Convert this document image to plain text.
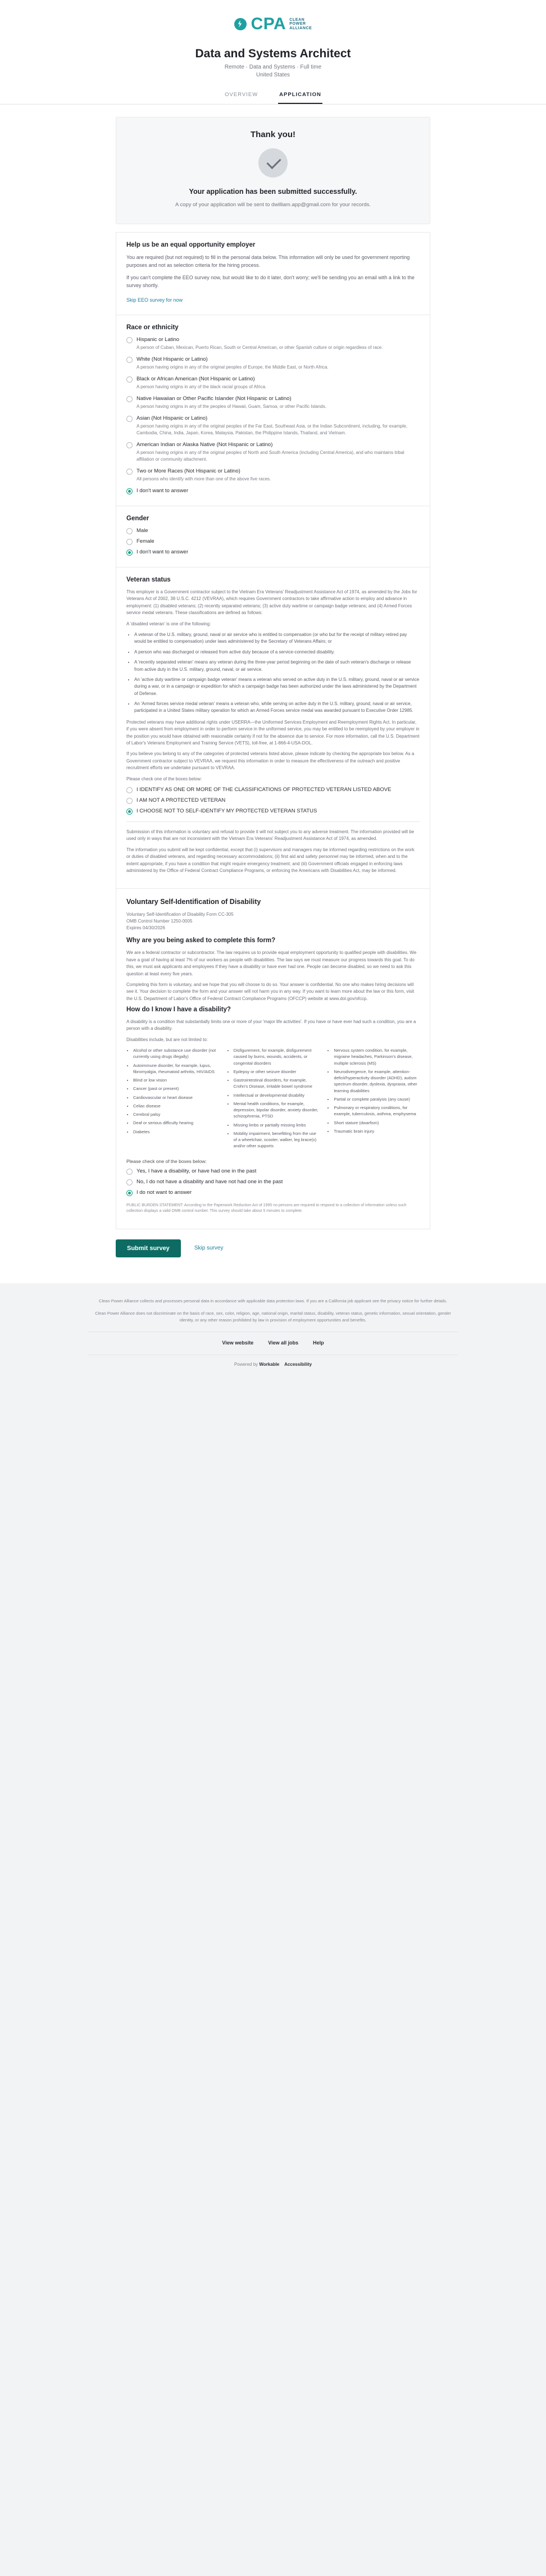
CPA CLEAN
POWER
ALLIANCE
Data and Systems Architect
Remote · Data and Systems · Full time
United States
OVERVIEW	APPLICATION
Thank you!
Your application has been submitted successfully.
A copy of your application will be sent to dwilliam.app@gmail.com for your records.
Help us be an equal opportunity employer

You are required (but not required) to fill in the personal data below. This information will only be used for government reporting purposes and not as selection criteria for the hiring process.

If you can't complete the EEO survey now, but would like to do it later, don't worry; we'll be sending you an email with a link to the survey shortly.

Skip EEO survey for now
Race or ethnicity
Hispanic or Latino
A person of Cuban, Mexican, Puerto Rican, South or Central American, or other Spanish culture or origin regardless of race.
White (Not Hispanic or Latino)
A person having origins in any of the original peoples of Europe, the Middle East, or North Africa.
Black or African American (Not Hispanic or Latino)
A person having origins in any of the black racial groups of Africa.
Native Hawaiian or Other Pacific Islander (Not Hispanic or Latino)
A person having origins in any of the peoples of Hawaii, Guam, Samoa, or other Pacific Islands.
Asian (Not Hispanic or Latino)
A person having origins in any of the original peoples of the Far East, Southeast Asia, or the Indian Subcontinent, including, for example, Cambodia, China, India, Japan, Korea, Malaysia, Pakistan, the Philippine Islands, Thailand, and Vietnam.
American Indian or Alaska Native (Not Hispanic or Latino)
A person having origins in any of the original peoples of North and South America (including Central America), and who maintains tribal affiliation or community attachment.
Two or More Races (Not Hispanic or Latino)
All persons who identify with more than one of the above five races.
I don't want to answer
Gender
Male
Female
I don't want to answer
Veteran status

This employer is a Government contractor subject to the Vietnam Era Veterans' Readjustment Assistance Act of 1974, as amended by the Jobs for Veterans Act of 2002, 38 U.S.C. 4212 (VEVRAA), which requires Government contractors to take affirmative action to employ and advance in employment: (1) disabled veterans; (2) recently separated veterans; (3) active duty wartime or campaign badge veterans; and (4) Armed Forces service medal veterans. These classifications are defined as follows:

A 'disabled veteran' is one of the following:

• A veteran of the U.S. military, ground, naval or air service who is entitled to compensation (or who but for the receipt of military retired pay would be entitled to compensation) under laws administered by the Secretary of Veterans Affairs; or
• A person who was discharged or released from active duty because of a service-connected disability.
• A 'recently separated veteran' means any veteran during the three-year period beginning on the date of such veteran's discharge or release from active duty in the U.S. military, ground, naval, or air service.
• An 'active duty wartime or campaign badge veteran' means a veteran who served on active duty in the U.S. military, ground, naval or air service during a war, or in a campaign or expedition for which a campaign badge has been authorized under the laws administered by the Department of Defense.
• An 'Armed forces service medal veteran' means a veteran who, while serving on active duty in the U.S. military, ground, naval or air service, participated in a United States military operation for which an Armed Forces service medal was awarded pursuant to Executive Order 12985.

Protected veterans may have additional rights under USERRA—the Uniformed Services Employment and Reemployment Rights Act. In particular, if you were absent from employment in order to perform service in the uniformed service, you may be entitled to be reemployed by your employer in the position you would have obtained with reasonable certainty if not for the absence due to service. For more information, call the U.S. Department of Labor's Veterans Employment and Training Service (VETS), toll-free, at 1-866-4-USA-DOL.

If you believe you belong to any of the categories of protected veterans listed above, please indicate by checking the appropriate box below. As a Government contractor subject to VEVRAA, we request this information in order to measure the effectiveness of the outreach and positive recruitment efforts we undertake pursuant to VEVRAA.

Please check one of the boxes below:

I IDENTIFY AS ONE OR MORE OF THE CLASSIFICATIONS OF PROTECTED VETERAN LISTED ABOVE
I AM NOT A PROTECTED VETERAN
I CHOOSE NOT TO SELF-IDENTIFY MY PROTECTED VETERAN STATUS

Submission of this information is voluntary and refusal to provide it will not subject you to any adverse treatment. The information provided will be used only in ways that are not inconsistent with the Vietnam Era Veterans' Readjustment Assistance Act of 1974, as amended.

The information you submit will be kept confidential, except that (i) supervisors and managers may be informed regarding restrictions on the work or duties of disabled veterans, and regarding necessary accommodations; (ii) first aid and safety personnel may be informed, when and to the extent appropriate, if you have a condition that might require emergency treatment; and (iii) Government officials engaged in enforcing laws administered by the Office of Federal Contract Compliance Programs, or enforcing the Americans with Disabilities Act, may be informed.

Voluntary Self-Identification of Disability
Voluntary Self-Identification of Disability Form CC-305
OMB Control Number 1250-0005
Expires 04/30/2026
Why are you being asked to complete this form?

We are a federal contractor or subcontractor. The law requires us to provide equal employment opportunity to qualified people with disabilities. We have a goal of having at least 7% of our workers as people with disabilities. The law says we must measure our progress towards this goal. To do this, we must ask applicants and employees if they have a disability or have ever had one. People can become disabled, so we need to ask this question at least every five years.

Completing this form is voluntary, and we hope that you will choose to do so. Your answer is confidential. No one who makes hiring decisions will see it. Your decision to complete the form and your answer will not harm you in any way. If you want to learn more about the law or this form, visit the U.S. Department of Labor's Office of Federal Contract Compliance Programs (OFCCP) website at www.dol.gov/ofccp.

How do I know I have a disability?

A disability is a condition that substantially limits one or more of your 'major life activities'. If you have or have ever had such a condition, you are a person with a disability.

Disabilities include, but are not limited to:

• Alcohol or other substance use disorder (not currently using drugs illegally)
• Autoimmune disorder, for example, lupus, fibromyalgia, rheumatoid arthritis, HIV/AIDS
• Blind or low vision
• Cancer (past or present)
• Cardiovascular or heart disease
• Celiac disease
• Cerebral palsy
• Deaf or serious difficulty hearing
• Diabetes
• Disfigurement, for example, disfigurement caused by burns, wounds, accidents, or congenital disorders
• Epilepsy or other seizure disorder
• Gastrointestinal disorders, for example, Crohn's Disease, irritable bowel syndrome
• Intellectual or developmental disability
• Mental health conditions, for example, depression, bipolar disorder, anxiety disorder, schizophrenia, PTSD
• Missing limbs or partially missing limbs
• Mobility impairment, benefitting from the use of a wheelchair, scooter, walker, leg brace(s) and/or other supports
• Nervous system condition, for example, migraine headaches, Parkinson's disease, multiple sclerosis (MS)
• Neurodivergence, for example, attention-deficit/hyperactivity disorder (ADHD), autism spectrum disorder, dyslexia, dyspraxia, other learning disabilities
• Partial or complete paralysis (any cause)
• Pulmonary or respiratory conditions, for example, tuberculosis, asthma, emphysema
• Short stature (dwarfism)
• Traumatic brain injury

Please check one of the boxes below:

Yes, I have a disability, or have had one in the past
No, I do not have a disability and have not had one in the past
I do not want to answer

PUBLIC BURDEN STATEMENT: According to the Paperwork Reduction Act of 1995 no persons are required to respond to a collection of information unless such collection displays a valid OMB control number. This survey should take about 5 minutes to complete.

Submit survey	Skip survey

Clean Power Alliance collects and processes personal data in accordance with applicable data protection laws. If you are a California job applicant see the privacy notice for further details.

Clean Power Alliance does not discriminate on the basis of race, sex, color, religion, age, national origin, marital status, disability, veteran status, genetic information, sexual orientation, gender identity, or any other reason prohibited by law in provision of employment opportunities and benefits.

View website	View all jobs	Help
Powered by Workable Accessibility
